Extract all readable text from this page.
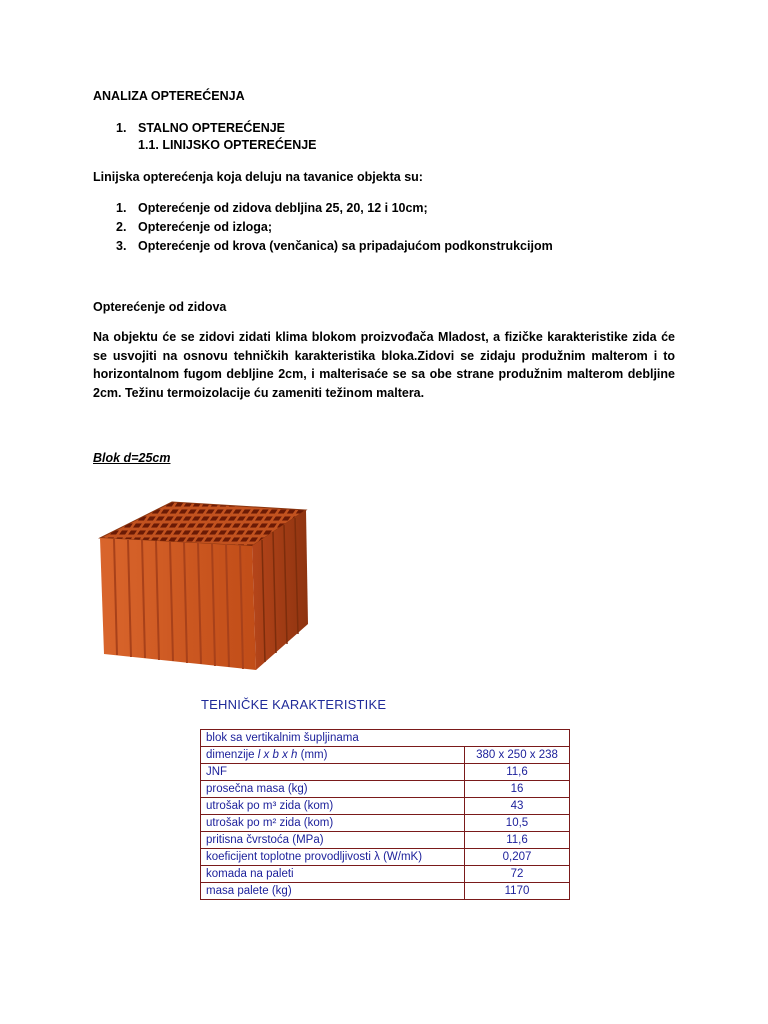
ANALIZA OPTEREĆENJA
1. STALNO OPTEREĆENJE
1.1. LINIJSKO OPTEREĆENJE
Linijska opterećenja koja deluju na tavanice objekta su:
1. Opterećenje od zidova debljina 25, 20, 12 i 10cm;
2. Opterećenje od izloga;
3. Opterećenje od krova (venčanica) sa pripadajućom podkonstrukcijom
Opterećenje od zidova
Na objektu će se zidovi zidati klima blokom proizvođača Mladost, a fizičke karakteristike zida će se usvojiti na osnovu tehničkih karakteristika bloka.Zidovi se zidaju produžnim malterom i to horizontalnom fugom debljine 2cm, i malterisaće se sa obe strane produžnim malterom debljine 2cm. Težinu termoizolacije ću zameniti težinom maltera.
Blok d=25cm
TEHNIČKE KARAKTERISTIKE
blok sa vertikalnim šupljinama	
dimenzije l x b x h (mm)	380 x 250 x 238
JNF	11,6
prosečna masa (kg)	16
utrošak po m³ zida (kom)	43
utrošak po m² zida (kom)	10,5
pritisna čvrstoća (MPa)	11,6
koeficijent toplotne provodljivosti λ (W/mK)	0,207
komada na paleti	72
masa palete (kg)	1170
